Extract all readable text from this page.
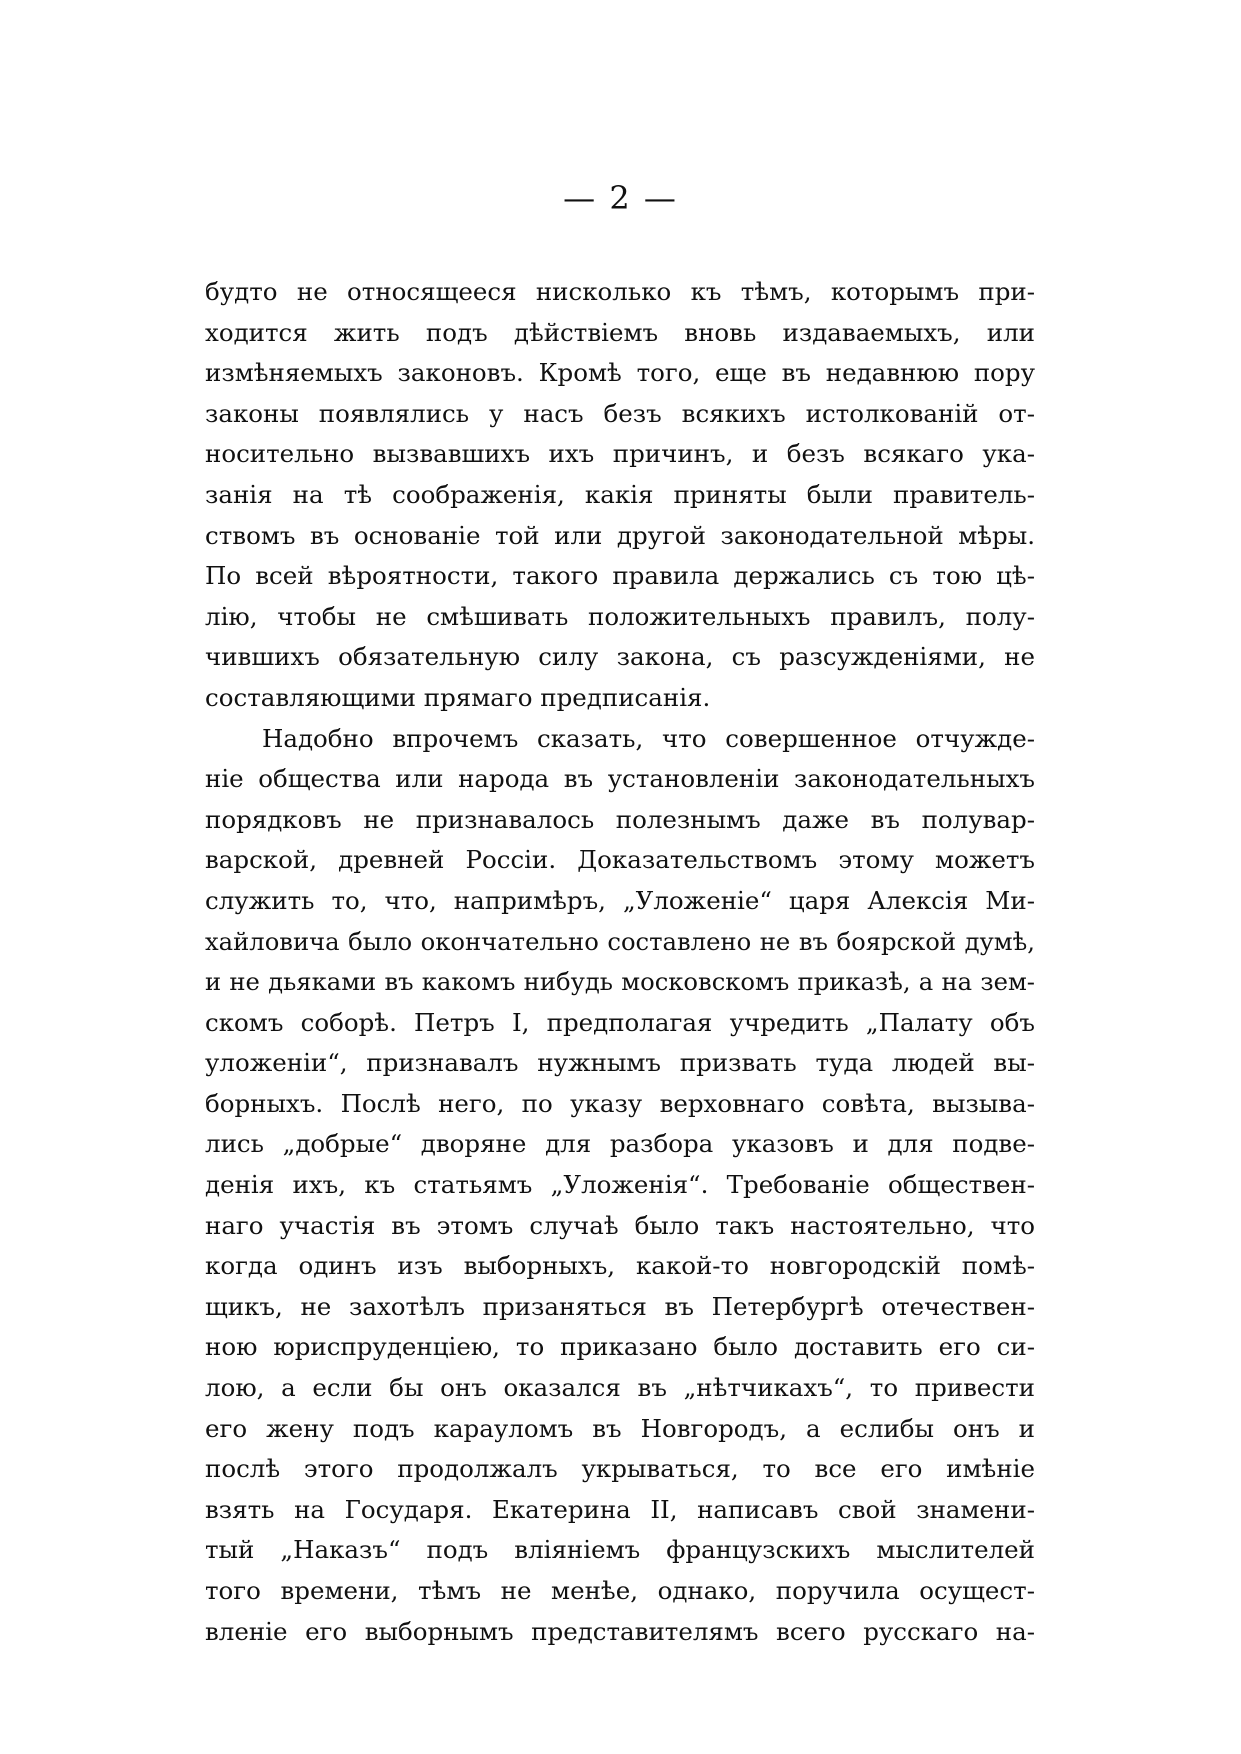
— 2 —
будто не относящееся нисколько къ тѣмъ, которымъ при-
ходится жить подъ дѣйствіемъ вновь издаваемыхъ, или
измѣняемыхъ законовъ. Кромѣ того, еще въ недавнюю пору
законы появлялись у насъ безъ всякихъ истолкованій от-
носительно вызвавшихъ ихъ причинъ, и безъ всякаго ука-
занія на тѣ соображенія, какія приняты были правитель-
ствомъ въ основаніе той или другой законодательной мѣры.
По всей вѣроятности, такого правила держались съ тою цѣ-
лію, чтобы не смѣшивать положительныхъ правилъ, полу-
чившихъ обязательную силу закона, съ разсужденіями, не
составляющими прямаго предписанія.
Надобно впрочемъ сказать, что совершенное отчужде-
ніе общества или народа въ установленіи законодательныхъ
порядковъ не признавалось полезнымъ даже въ полувар-
варской, древней Россіи. Доказательствомъ этому можетъ
служить то, что, напримѣръ, „Уложеніе“ царя Алексія Ми-
хайловича было окончательно составлено не въ боярской думѣ,
и не дьяками въ какомъ нибудь московскомъ приказѣ, а на зем-
скомъ соборѣ. Петръ I, предполагая учредить „Палату объ
уложеніи“, признавалъ нужнымъ призвать туда людей вы-
борныхъ. Послѣ него, по указу верховнаго совѣта, вызыва-
лись „добрые“ дворяне для разбора указовъ и для подве-
денія ихъ, къ статьямъ „Уложенія“. Требованіе обществен-
наго участія въ этомъ случаѣ было такъ настоятельно, что
когда одинъ изъ выборныхъ, какой-то новгородскій помѣ-
щикъ, не захотѣлъ призаняться въ Петербургѣ отечествен-
ною юриспруденціею, то приказано было доставить его си-
лою, а если бы онъ оказался въ „нѣтчикахъ“, то привести
его жену подъ карауломъ въ Новгородъ, а еслибы онъ и
послѣ этого продолжалъ укрываться, то все его имѣніе
взять на Государя. Екатерина II, написавъ свой знамени-
тый „Наказъ“ подъ вліяніемъ французскихъ мыслителей
того времени, тѣмъ не менѣе, однако, поручила осущест-
вленіе его выборнымъ представителямъ всего русскаго на-
